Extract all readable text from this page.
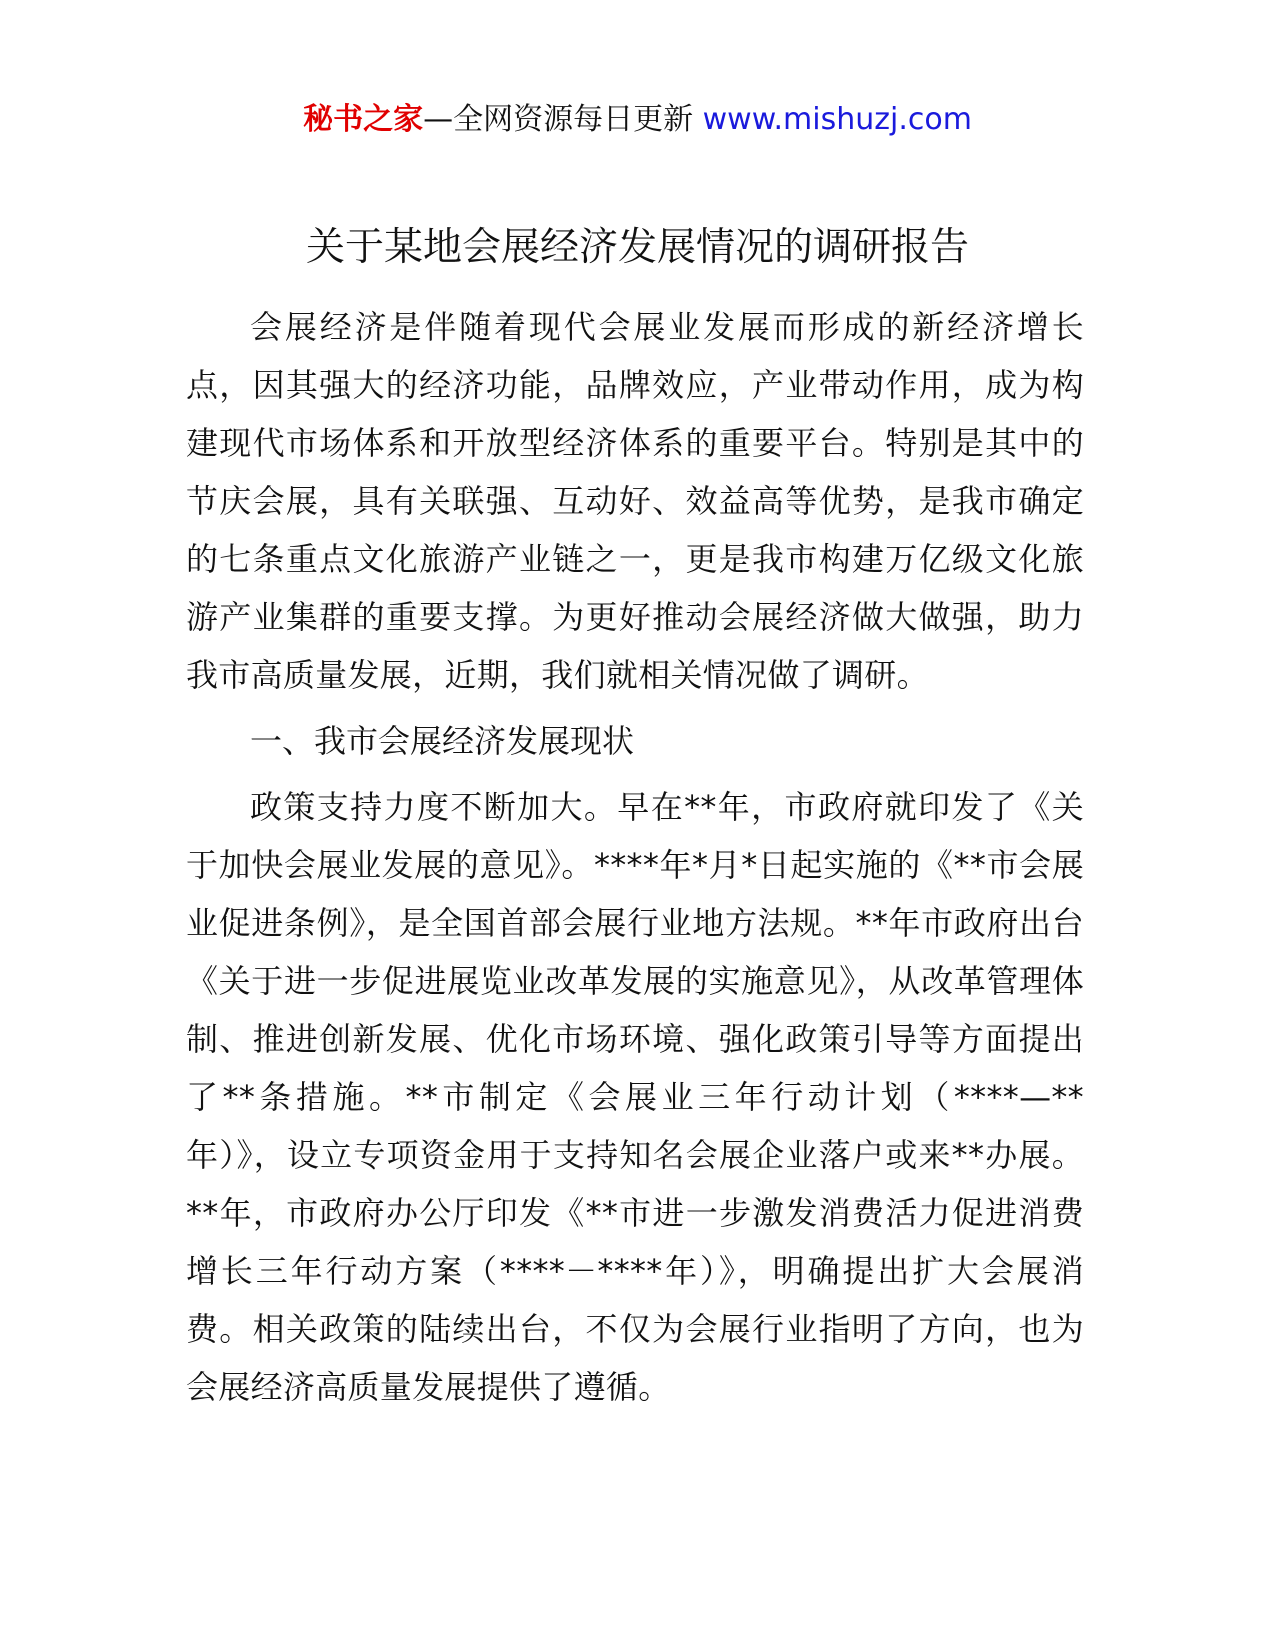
秘书之家—全网资源每日更新 www.mishuzj.com
关于某地会展经济发展情况的调研报告

会展经济是伴随着现代会展业发展而形成的新经济增长点，因其强大的经济功能，品牌效应，产业带动作用，成为构建现代市场体系和开放型经济体系的重要平台。特别是其中的节庆会展，具有关联强、互动好、效益高等优势，是我市确定的七条重点文化旅游产业链之一，更是我市构建万亿级文化旅游产业集群的重要支撑。为更好推动会展经济做大做强，助力我市高质量发展，近期，我们就相关情况做了调研。

一、我市会展经济发展现状

政策支持力度不断加大。早在**年，市政府就印发了《关于加快会展业发展的意见》。****年*月*日起实施的《**市会展业促进条例》，是全国首部会展行业地方法规。**年市政府出台《关于进一步促进展览业改革发展的实施意见》，从改革管理体制、推进创新发展、优化市场环境、强化政策引导等方面提出了**条措施。**市制定《会展业三年行动计划（****—**年）》，设立专项资金用于支持知名会展企业落户或来**办展。**年，市政府办公厅印发《**市进一步激发消费活力促进消费增长三年行动方案（****－****年）》，明确提出扩大会展消费。相关政策的陆续出台，不仅为会展行业指明了方向，也为会展经济高质量发展提供了遵循。
